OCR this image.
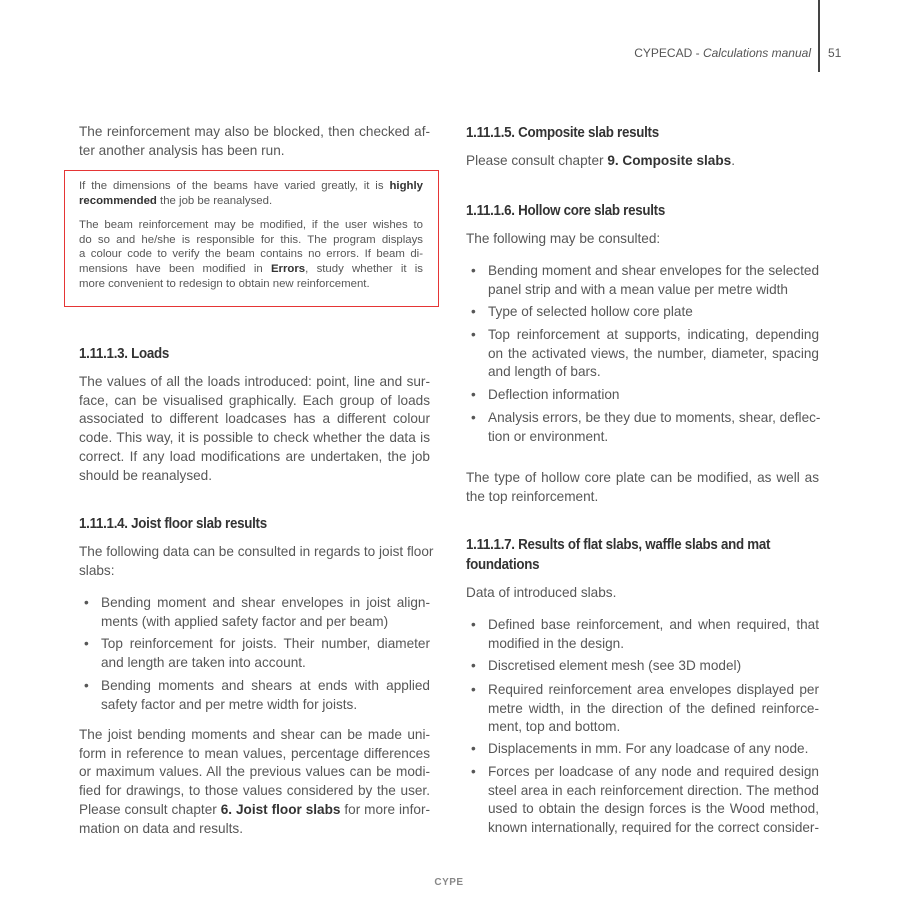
CYPECAD - Calculations manual 51
The reinforcement may also be blocked, then checked af-
ter another analysis has been run.
If the dimensions of the beams have varied greatly, it is highly
recommended the job be reanalysed.
The beam reinforcement may be modified, if the user wishes to
do so and he/she is responsible for this. The program displays
a colour code to verify the beam contains no errors. If beam di-
mensions have been modified in Errors, study whether it is
more convenient to redesign to obtain new reinforcement.
1.11.1.3. Loads
The values of all the loads introduced: point, line and sur-
face, can be visualised graphically. Each group of loads
associated to different loadcases has a different colour
code. This way, it is possible to check whether the data is
correct. If any load modifications are undertaken, the job
should be reanalysed.
1.11.1.4. Joist floor slab results
The following data can be consulted in regards to joist floor
slabs:
• Bending moment and shear envelopes in joist align-
ments (with applied safety factor and per beam)
• Top reinforcement for joists. Their number, diameter
and length are taken into account.
• Bending moments and shears at ends with applied
safety factor and per metre width for joists.
The joist bending moments and shear can be made uni-
form in reference to mean values, percentage differences
or maximum values. All the previous values can be modi-
fied for drawings, to those values considered by the user.
Please consult chapter 6. Joist floor slabs for more infor-
mation on data and results.
1.11.1.5. Composite slab results
Please consult chapter 9. Composite slabs.
1.11.1.6. Hollow core slab results
The following may be consulted:
• Bending moment and shear envelopes for the selected
panel strip and with a mean value per metre width
• Type of selected hollow core plate
• Top reinforcement at supports, indicating, depending
on the activated views, the number, diameter, spacing
and length of bars.
• Deflection information
• Analysis errors, be they due to moments, shear, deflec-
tion or environment.
The type of hollow core plate can be modified, as well as
the top reinforcement.
1.11.1.7. Results of flat slabs, waffle slabs and mat
foundations
Data of introduced slabs.
• Defined base reinforcement, and when required, that
modified in the design.
• Discretised element mesh (see 3D model)
• Required reinforcement area envelopes displayed per
metre width, in the direction of the defined reinforce-
ment, top and bottom.
• Displacements in mm. For any loadcase of any node.
• Forces per loadcase of any node and required design
steel area in each reinforcement direction. The method
used to obtain the design forces is the Wood method,
known internationally, required for the correct consider-
CYPE
